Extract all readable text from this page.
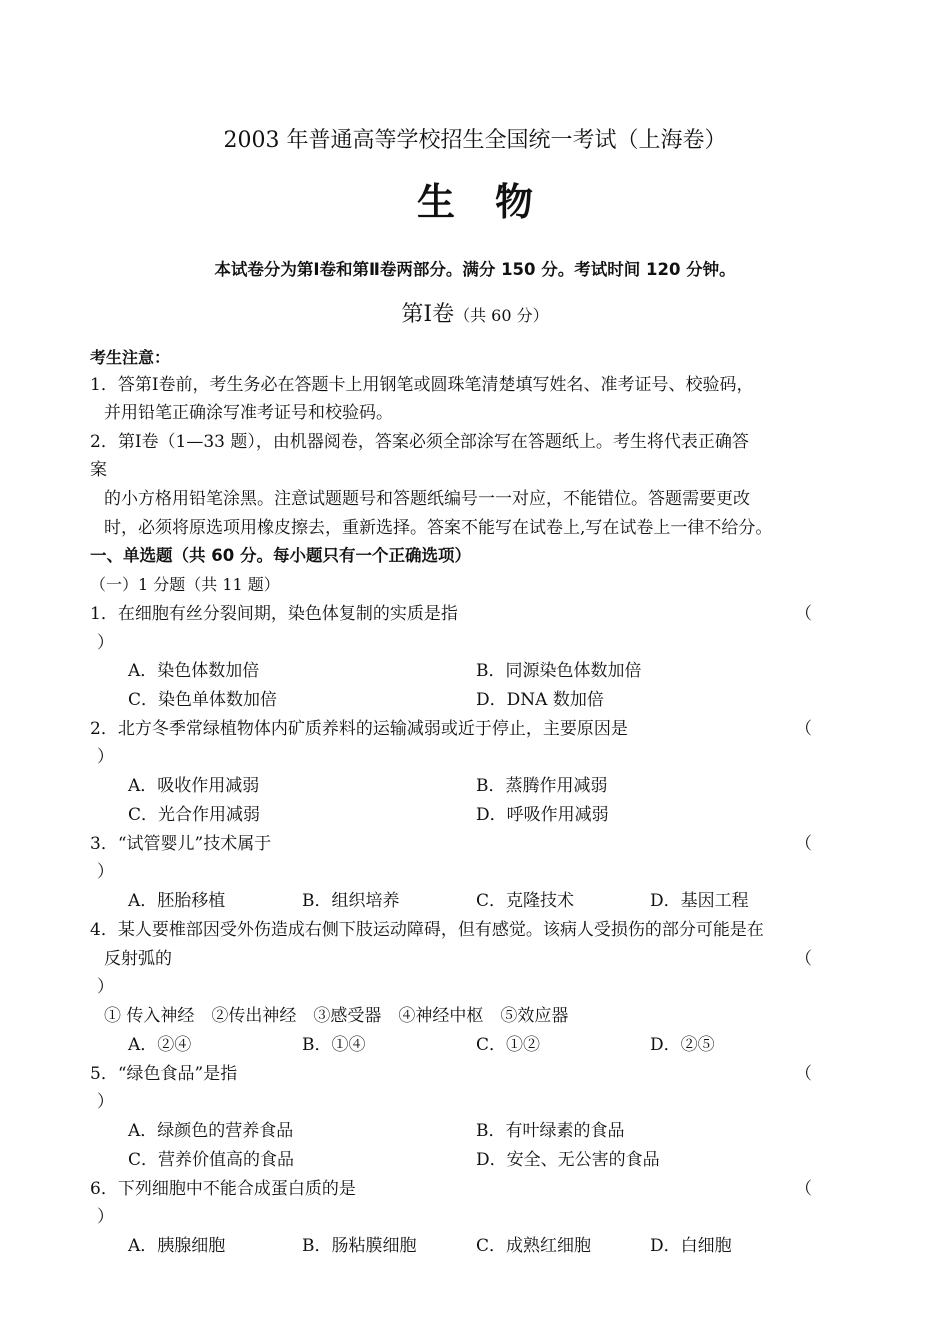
2003 年普通高等学校招生全国统一考试（上海卷）
生物
本试卷分为第Ⅰ卷和第Ⅱ卷两部分。满分 150 分。考试时间 120 分钟。
第Ⅰ卷（共 60 分）
考生注意：
1．答第Ⅰ卷前，考生务必在答题卡上用钢笔或圆珠笔清楚填写姓名、准考证号、校验码，
并用铅笔正确涂写准考证号和校验码。
2．第Ⅰ卷（1—33 题），由机器阅卷，答案必须全部涂写在答题纸上。考生将代表正确答
案
的小方格用铅笔涂黑。注意试题题号和答题纸编号一一对应，不能错位。答题需要更改
时，必须将原选项用橡皮擦去，重新选择。答案不能写在试卷上,写在试卷上一律不给分。
一、单选题（共 60 分。每小题只有一个正确选项）
（一）1 分题（共 11 题）
1．在细胞有丝分裂间期，染色体复制的实质是指	（
）
A．染色体数加倍	B．同源染色体数加倍
C．染色单体数加倍	D．DNA 数加倍
2．北方冬季常绿植物体内矿质养料的运输减弱或近于停止，主要原因是	（
）
A．吸收作用减弱	B．蒸腾作用减弱
C．光合作用减弱	D．呼吸作用减弱
3．“试管婴儿”技术属于	（
）
A．胚胎移植	B．组织培养	C．克隆技术	D．基因工程
4．某人要椎部因受外伤造成右侧下肢运动障碍，但有感觉。该病人受损伤的部分可能是在
反射弧的	（
）
① 传入神经　②传出神经　③感受器　④神经中枢　⑤效应器
A．②④	B．①④	C．①②	D．②⑤
5．“绿色食品”是指	（
）
A．绿颜色的营养食品	B．有叶绿素的食品
C．营养价值高的食品	D．安全、无公害的食品
6．下列细胞中不能合成蛋白质的是	（
）
A．胰腺细胞	B．肠粘膜细胞	C．成熟红细胞	D．白细胞
